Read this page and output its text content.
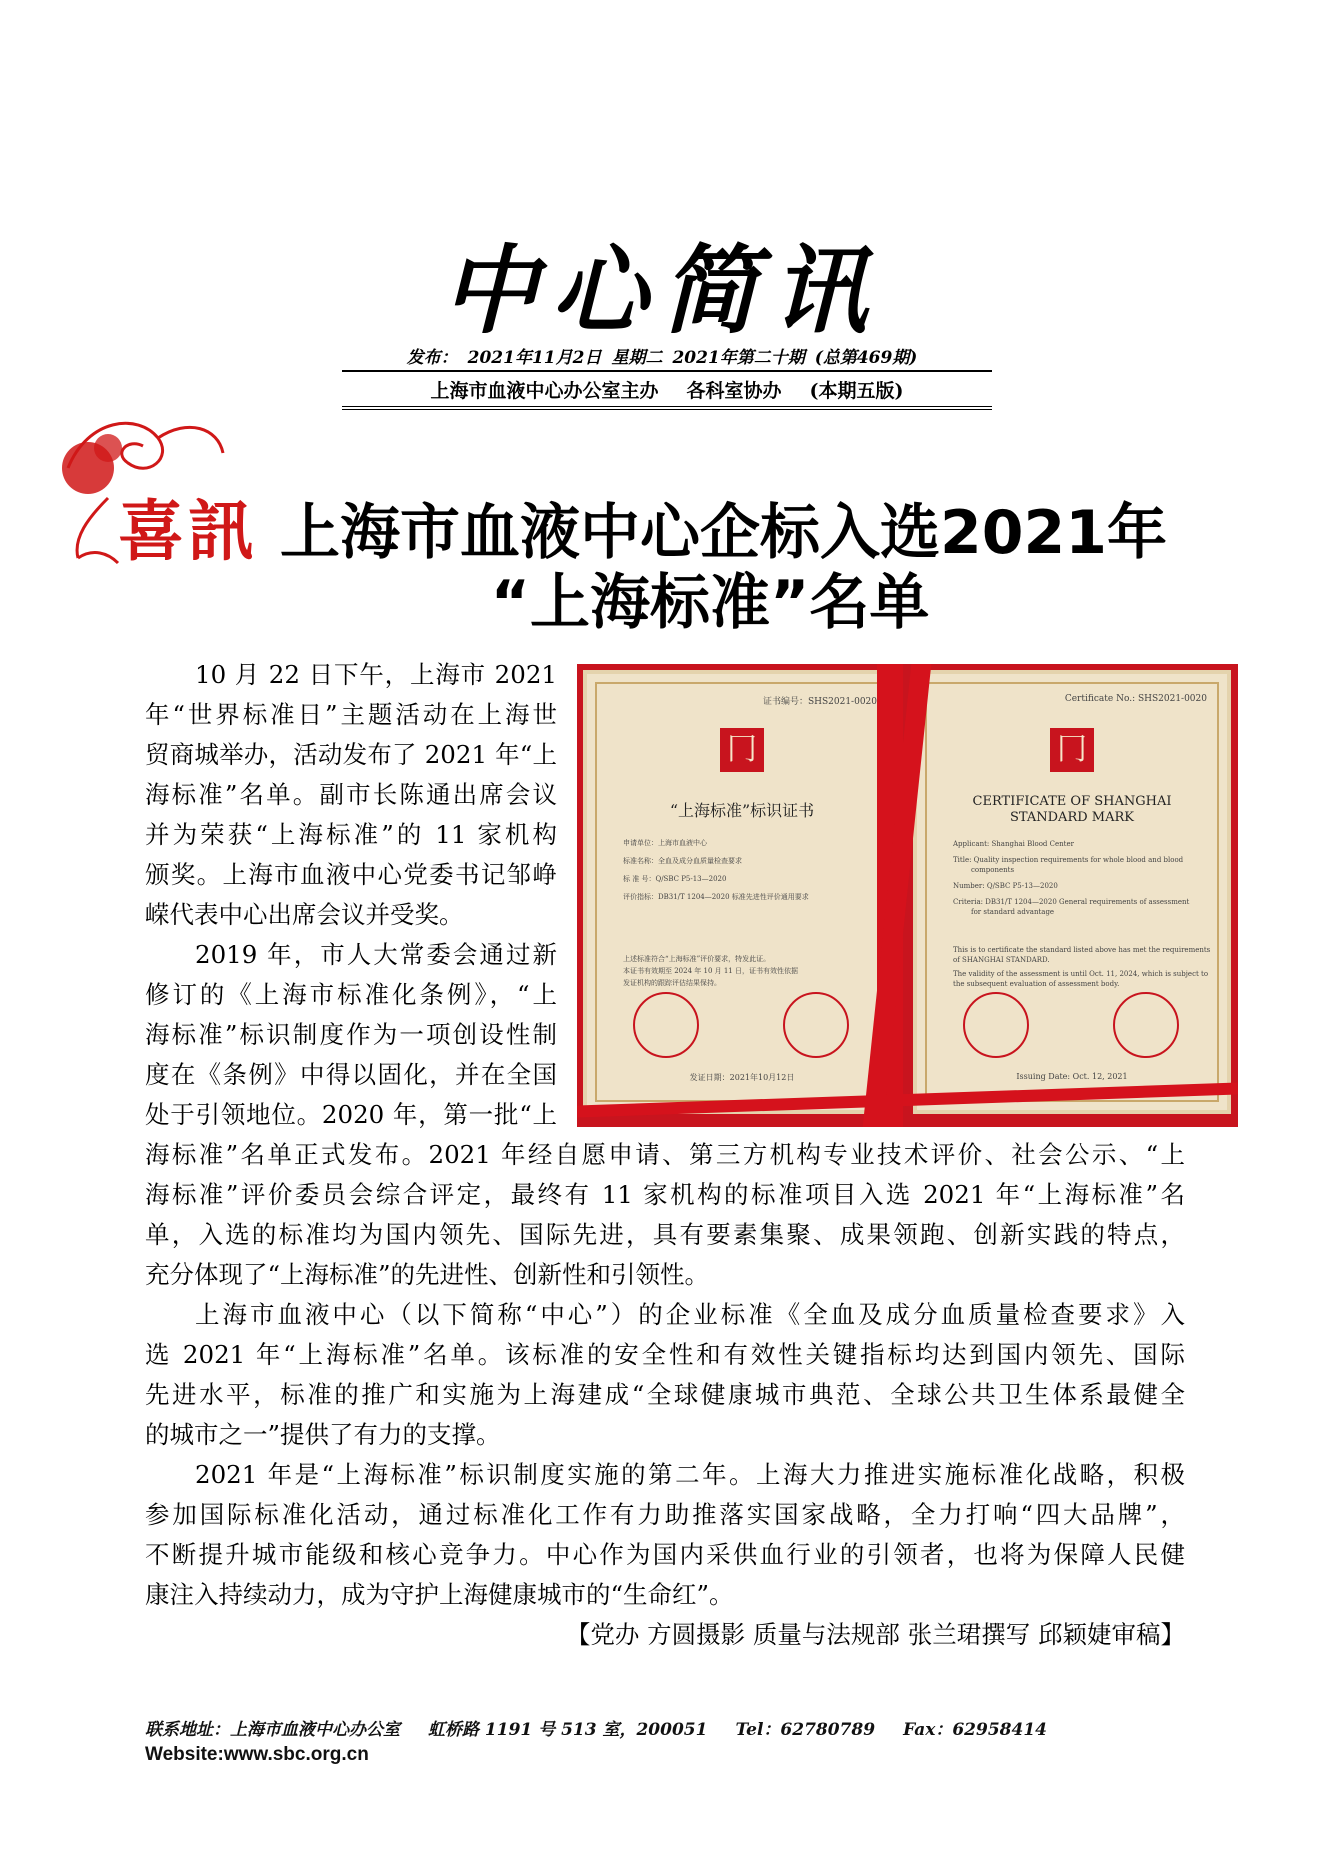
中心简讯
发布： 2021年11月2日 星期二 2021年第二十期 (总第469期)
上海市血液中心办公室主办 各科室协办 (本期五版)
喜訊 上海市血液中心企标入选2021年
“上海标准”名单
证书编号：SHS2021-0020
冂
“上海标准”标识证书
申请单位：上海市血液中心
标准名称：全血及成分血质量检查要求
标 准 号：Q/SBC P5-13—2020
评价指标：DB31/T 1204—2020 标准先进性评价通用要求
上述标准符合“上海标准”评价要求，特发此证。
本证书有效期至 2024 年 10 月 11 日，证书有效性依据
发证机构的跟踪评估结果保持。
发证日期：2021年10月12日
Certificate No.: SHS2021-0020
冂
CERTIFICATE OF SHANGHAI
STANDARD MARK
Applicant: Shanghai Blood Center
Title: Quality inspection requirements for whole blood and blood
components
Number: Q/SBC P5-13—2020
Criteria: DB31/T 1204—2020 General requirements of assessment
for standard advantage
This is to certificate the standard listed above has met the requirements
of SHANGHAI STANDARD.
The validity of the assessment is until Oct. 11, 2024, which is subject to
the subsequent evaluation of assessment body.
Issuing Date: Oct. 12, 2021
10 月 22 日下午，上海市 2021
年“世界标准日”主题活动在上海世
贸商城举办，活动发布了 2021 年“上
海标准”名单。副市长陈通出席会议
并为荣获“上海标准”的 11 家机构
颁奖。上海市血液中心党委书记邹峥
嵘代表中心出席会议并受奖。
2019 年，市人大常委会通过新
修订的《上海市标准化条例》，“上
海标准”标识制度作为一项创设性制
度在《条例》中得以固化，并在全国
处于引领地位。2020 年，第一批“上
海标准”名单正式发布。2021 年经自愿申请、第三方机构专业技术评价、社会公示、“上
海标准”评价委员会综合评定，最终有 11 家机构的标准项目入选 2021 年“上海标准”名
单，入选的标准均为国内领先、国际先进，具有要素集聚、成果领跑、创新实践的特点，
充分体现了“上海标准”的先进性、创新性和引领性。
上海市血液中心（以下简称“中心”）的企业标准《全血及成分血质量检查要求》入
选 2021 年“上海标准”名单。该标准的安全性和有效性关键指标均达到国内领先、国际
先进水平，标准的推广和实施为上海建成“全球健康城市典范、全球公共卫生体系最健全
的城市之一”提供了有力的支撑。
2021 年是“上海标准”标识制度实施的第二年。上海大力推进实施标准化战略，积极
参加国际标准化活动，通过标准化工作有力助推落实国家战略，全力打响“四大品牌”，
不断提升城市能级和核心竞争力。中心作为国内采供血行业的引领者，也将为保障人民健
康注入持续动力，成为守护上海健康城市的“生命红”。
【党办 方圆摄影 质量与法规部 张兰珺撰写 邱颖婕审稿】
联系地址：上海市血液中心办公室 虹桥路 1191 号 513 室，200051 Tel：62780789 Fax：62958414
Website:www.sbc.org.cn
